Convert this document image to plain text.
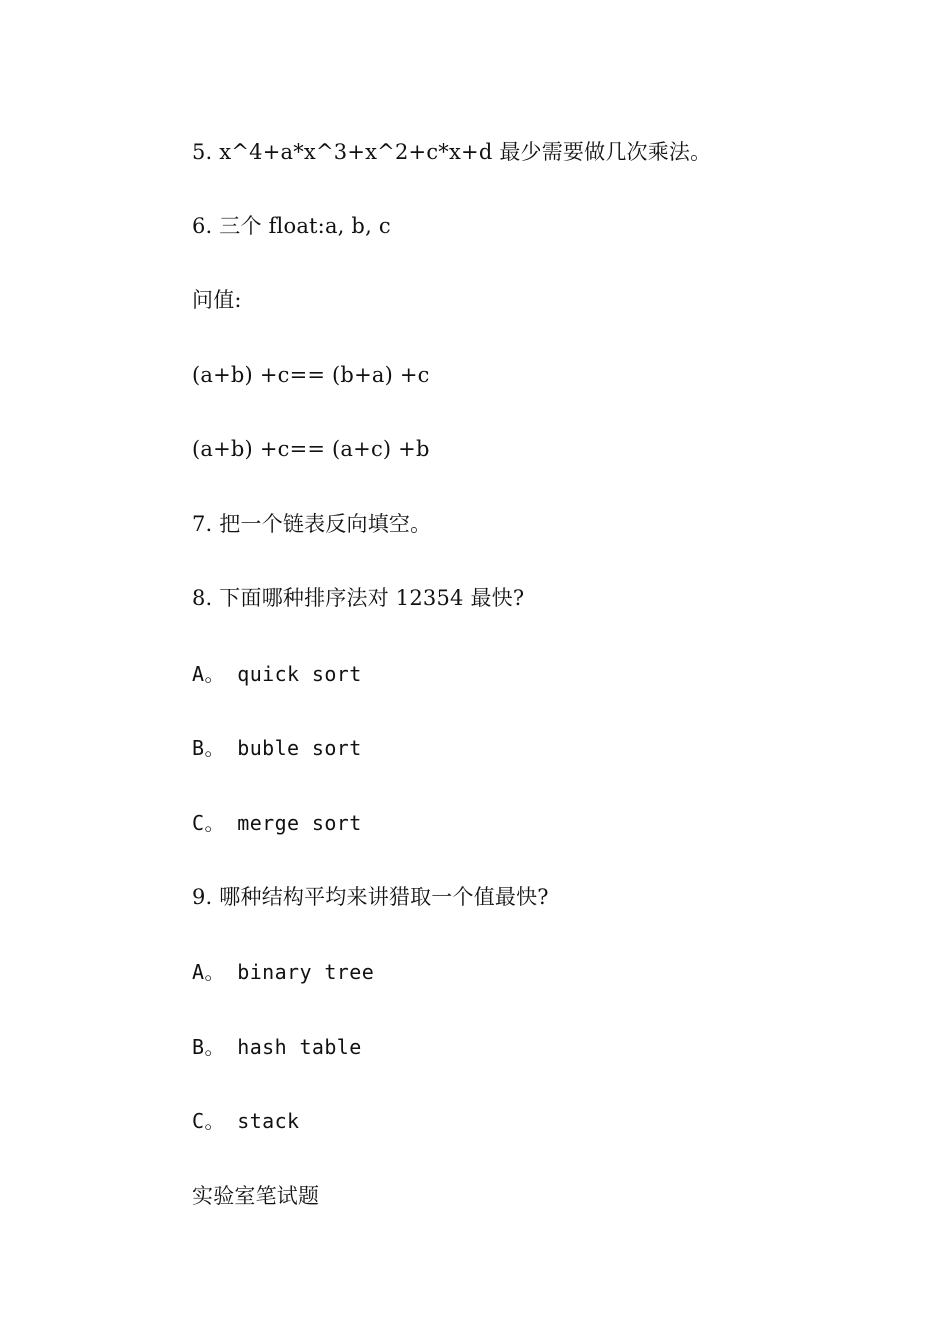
5. x^4+a*x^3+x^2+c*x+d 最少需要做几次乘法。
6. 三个 float:a, b, c
问值:
(a+b) +c== (b+a) +c
(a+b) +c== (a+c) +b
7. 把一个链表反向填空。
8. 下面哪种排序法对 12354 最快?
A。 quick sort
B。 buble sort
C。 merge sort
9. 哪种结构平均来讲猎取一个值最快?
A。 binary tree
B。 hash table
C。 stack
实验室笔试题
